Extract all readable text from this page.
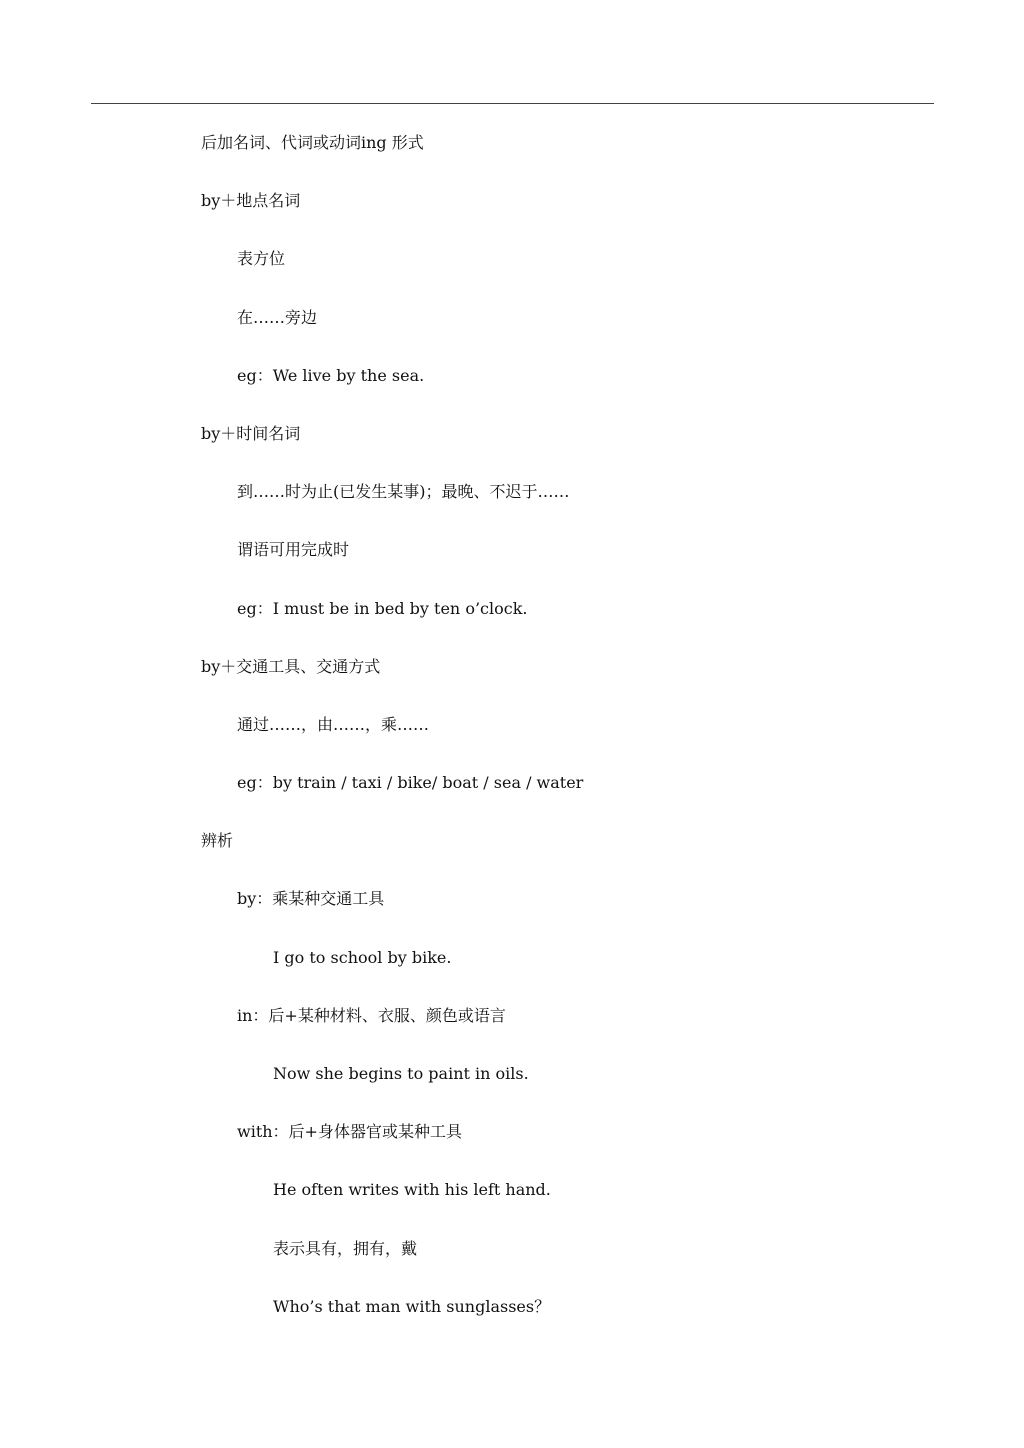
后加名词、代词或动词ing 形式
by＋地点名词
表方位
在……旁边
eg：We live by the sea.
by＋时间名词
到……时为止(已发生某事)；最晚、不迟于……
谓语可用完成时
eg：I must be in bed by ten o’clock.
by＋交通工具、交通方式
通过……，由……，乘……
eg：by train / taxi / bike/ boat / sea / water
辨析
by：乘某种交通工具
I go to school by bike.
in：后+某种材料、衣服、颜色或语言
Now she begins to paint in oils.
with：后+身体器官或某种工具
He often writes with his left hand.
表示具有，拥有，戴
Who’s that man with sunglasses？
